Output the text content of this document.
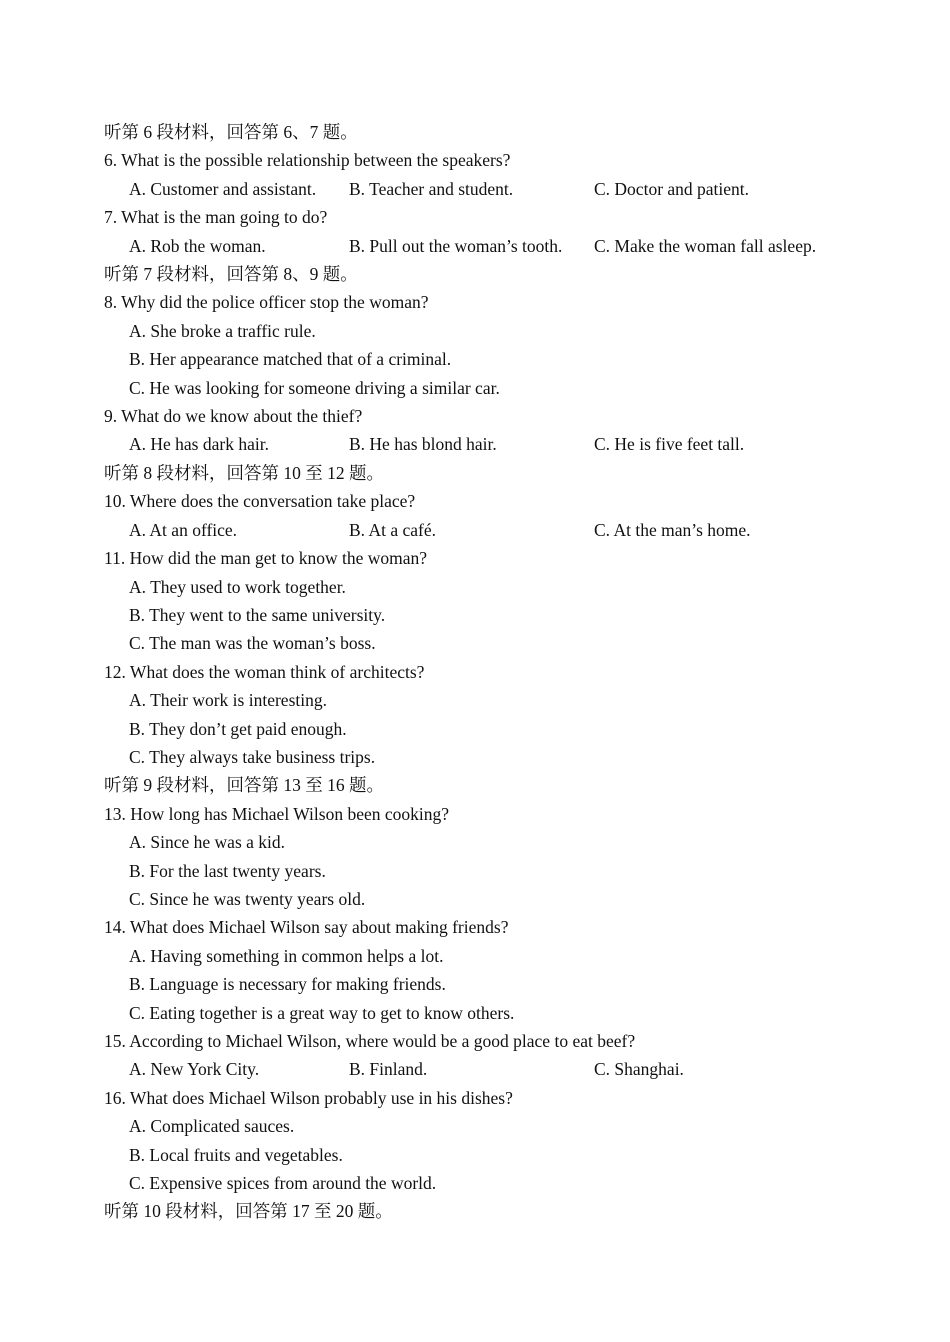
听第 6 段材料，回答第 6、7 题。
6. What is the possible relationship between the speakers?
A. Customer and assistant. B. Teacher and student.	C. Doctor and patient.
7. What is the man going to do?
A. Rob the woman.	B. Pull out the woman’s tooth. C. Make the woman fall asleep.
听第 7 段材料，回答第 8、9 题。
8. Why did the police officer stop the woman?
A. She broke a traffic rule.
B. Her appearance matched that of a criminal.
C. He was looking for someone driving a similar car.
9. What do we know about the thief?
A. He has dark hair.	B. He has blond hair.	C. He is five feet tall.
听第 8 段材料，回答第 10 至 12 题。
10. Where does the conversation take place?
A. At an office.	B. At a café.	C. At the man’s home.
11. How did the man get to know the woman?
A. They used to work together.
B. They went to the same university.
C. The man was the woman’s boss.
12. What does the woman think of architects?
A. Their work is interesting.
B. They don’t get paid enough.
C. They always take business trips.
听第 9 段材料，回答第 13 至 16 题。
13. How long has Michael Wilson been cooking?
A. Since he was a kid.
B. For the last twenty years.
C. Since he was twenty years old.
14. What does Michael Wilson say about making friends?
A. Having something in common helps a lot.
B. Language is necessary for making friends.
C. Eating together is a great way to get to know others.
15. According to Michael Wilson, where would be a good place to eat beef?
A. New York City.	B. Finland.	C. Shanghai.
16. What does Michael Wilson probably use in his dishes?
A. Complicated sauces.
B. Local fruits and vegetables.
C. Expensive spices from around the world.
听第 10 段材料，回答第 17 至 20 题。
